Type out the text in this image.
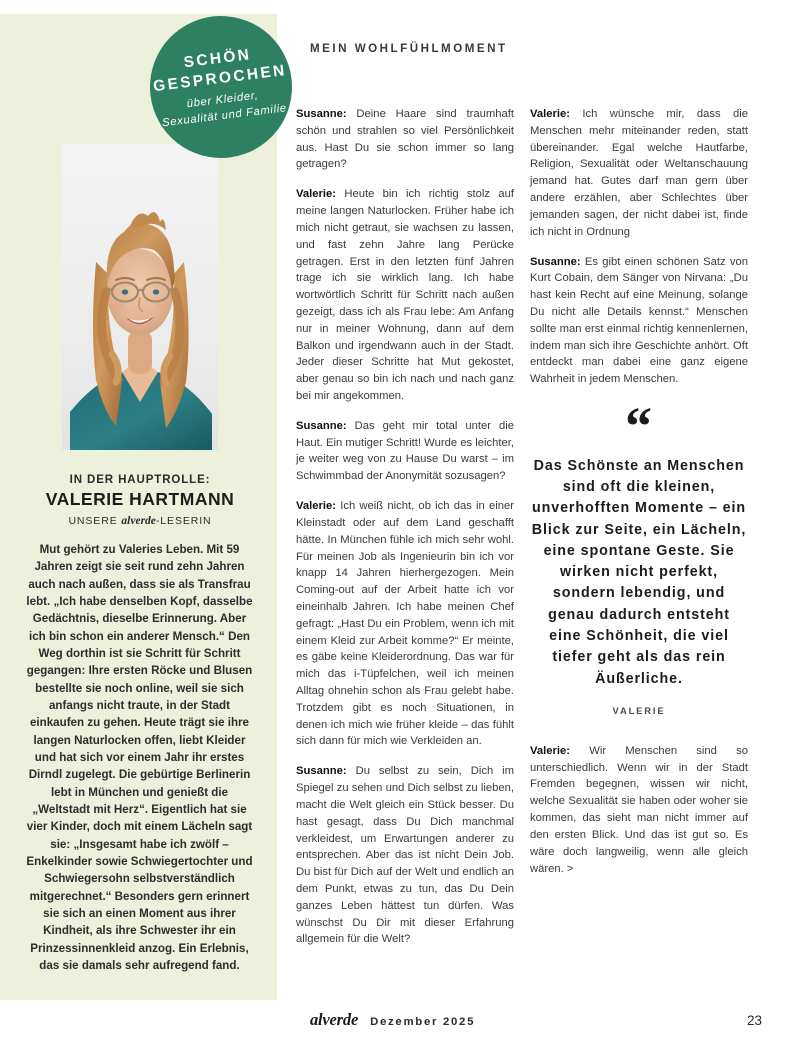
SCHÖN GESPROCHEN
über Kleider, Sexualität und Familie
IN DER HAUPTROLLE:
VALERIE HARTMANN
UNSERE alverde-LESERIN
Mut gehört zu Valeries Leben. Mit 59 Jahren zeigt sie seit rund zehn Jahren auch nach außen, dass sie als Transfrau lebt. „Ich habe denselben Kopf, dasselbe Gedächtnis, dieselbe Erinnerung. Aber ich bin schon ein anderer Mensch.“ Den Weg dorthin ist sie Schritt für Schritt gegangen: Ihre ersten Röcke und Blusen bestellte sie noch online, weil sie sich anfangs nicht traute, in der Stadt einkaufen zu gehen. Heute trägt sie ihre langen Naturlocken offen, liebt Kleider und hat sich vor einem Jahr ihr erstes Dirndl zugelegt. Die gebürtige Berlinerin lebt in München und genießt die „Weltstadt mit Herz“. Eigentlich hat sie vier Kinder, doch mit einem Lächeln sagt sie: „Insgesamt habe ich zwölf – Enkelkinder sowie Schwiegertochter und Schwiegersohn selbstverständlich mitgerechnet.“ Besonders gern erinnert sie sich an einen Moment aus ihrer Kindheit, als ihre Schwester ihr ein Prinzessinnenkleid anzog. Ein Erlebnis, das sie damals sehr aufregend fand.
MEIN WOHLFÜHLMOMENT

Susanne: Deine Haare sind traumhaft schön und strahlen so viel Persönlichkeit aus. Hast Du sie schon immer so lang getragen?

Valerie: Heute bin ich richtig stolz auf meine langen Naturlocken. Früher habe ich mich nicht getraut, sie wachsen zu lassen, und fast zehn Jahre lang Perücke getragen. Erst in den letzten fünf Jahren trage ich sie wirklich lang. Ich habe wortwörtlich Schritt für Schritt nach außen gezeigt, dass ich als Frau lebe: Am Anfang nur in meiner Wohnung, dann auf dem Balkon und irgendwann auch in der Stadt. Jeder dieser Schritte hat Mut gekostet, aber genau so bin ich nach und nach ganz bei mir angekommen.

Susanne: Das geht mir total unter die Haut. Ein mutiger Schritt! Wurde es leichter, je weiter weg von zu Hause Du warst – im Schwimmbad der Anonymität sozusagen?

Valerie: Ich weiß nicht, ob ich das in einer Kleinstadt oder auf dem Land geschafft hätte. In München fühle ich mich sehr wohl. Für meinen Job als Ingenieurin bin ich vor knapp 14 Jahren hierhergezogen. Mein Coming-out auf der Arbeit hatte ich vor eineinhalb Jahren. Ich habe meinen Chef gefragt: „Hast Du ein Problem, wenn ich mit einem Kleid zur Arbeit komme?“ Er meinte, es gäbe keine Kleiderordnung. Das war für mich das i-Tüpfelchen, weil ich meinen Alltag ohnehin schon als Frau gelebt habe. Trotzdem gibt es noch Situationen, in denen ich mich wie früher kleide – das fühlt sich dann für mich wie Verkleiden an.

Susanne: Du selbst zu sein, Dich im Spiegel zu sehen und Dich selbst zu lieben, macht die Welt gleich ein Stück besser. Du hast gesagt, dass Du Dich manchmal verkleidest, um Erwartungen anderer zu entsprechen. Aber das ist nicht Dein Job. Du bist für Dich auf der Welt und endlich an dem Punkt, etwas zu tun, das Du Dein ganzes Leben hättest tun dürfen. Was wünschst Du Dir mit dieser Erfahrung allgemein für die Welt?

Valerie: Ich wünsche mir, dass die Menschen mehr miteinander reden, statt übereinander. Egal welche Hautfarbe, Religion, Sexualität oder Weltanschauung jemand hat. Gutes darf man gern über andere erzählen, aber Schlechtes über jemanden sagen, der nicht dabei ist, finde ich nicht in Ordnung

Susanne: Es gibt einen schönen Satz von Kurt Cobain, dem Sänger von Nirvana: „Du hast kein Recht auf eine Meinung, solange Du nicht alle Details kennst.“ Menschen sollte man erst einmal richtig kennenlernen, indem man sich ihre Geschichte anhört. Oft entdeckt man dabei eine ganz eigene Wahrheit in jedem Menschen.

“
Das Schönste an Menschen sind oft die kleinen, unverhofften Momente – ein Blick zur Seite, ein Lächeln, eine spontane Geste. Sie wirken nicht perfekt, sondern lebendig, und genau dadurch entsteht eine Schönheit, die viel tiefer geht als das rein Äußerliche.
VALERIE

Valerie: Wir Menschen sind so unterschiedlich. Wenn wir in der Stadt Fremden begegnen, wissen wir nicht, welche Sexualität sie haben oder woher sie kommen, das sieht man nicht immer auf den ersten Blick. Und das ist gut so. Es wäre doch langweilig, wenn alle gleich wären. >

alverde Dezember 2025	23
